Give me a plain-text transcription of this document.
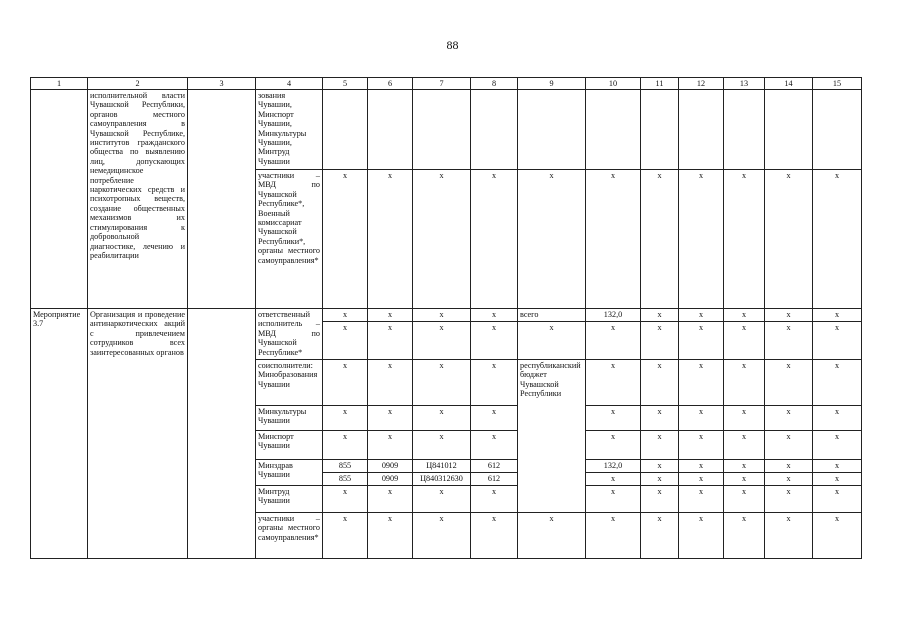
88
1	2	3	4	5	6	7	8	9	10	11	12	13	14	15
	исполнительной власти Чувашской Республики, органов местного самоуправления в Чувашской Республике, институтов гражданского общества по выявлению лиц, допускающих немедицинское потребление наркотических средств и психотропных веществ, создание общественных механизмов их стимулирования к добровольной диагностике, лечению и реабилитации		зования Чувашии, Минспорт Чувашии, Минкультуры Чувашии, Минтруд Чувашии											
			участники – МВД по Чувашской Республике*, Военный комиссариат Чувашской Республики*, органы местного самоуправления*	x	x	x	x	x	x	x	x	x	x	x
Мероприятие 3.7	Организация и проведение антинаркотических акций с привлечением сотрудников всех заинтересованных органов		ответственный исполнитель – МВД по Чувашской Республике*	x	x	x	x	всего	132,0	x	x	x	x	x
				x	x	x	x	x	x	x	x	x	x	x
			соисполнители: Минобразования Чувашии	x	x	x	x	республиканский бюджет Чувашской Республики	x	x	x	x	x	x
			Минкультуры Чувашии	x	x	x	x		x	x	x	x	x	x
			Минспорт Чувашии	x	x	x	x		x	x	x	x	x	x
			Минздрав Чувашии	855	0909	Ц841012	612		132,0	x	x	x	x	x
				855	0909	Ц840312630	612		x	x	x	x	x	x
			Минтруд Чувашии	x	x	x	x		x	x	x	x	x	x

			участники – органы местного самоуправления*	x	x	x	x	x	x	x	x	x	x	x
